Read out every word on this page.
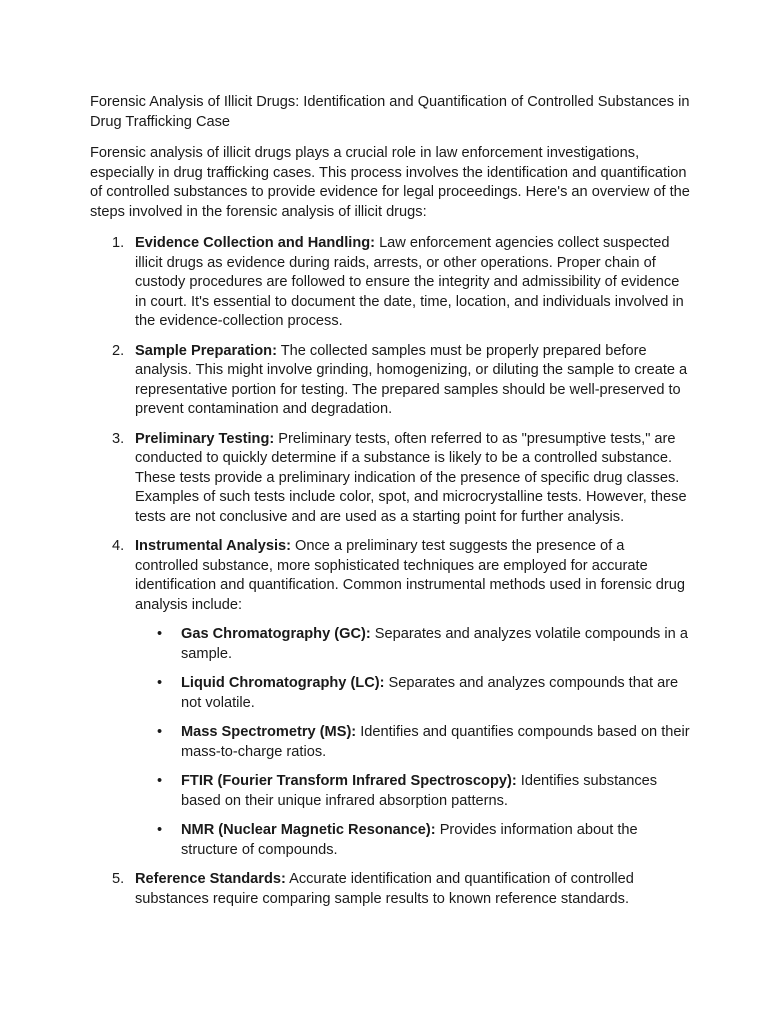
Forensic Analysis of Illicit Drugs: Identification and Quantification of Controlled Substances in Drug Trafficking Case

Forensic analysis of illicit drugs plays a crucial role in law enforcement investigations, especially in drug trafficking cases. This process involves the identification and quantification of controlled substances to provide evidence for legal proceedings. Here's an overview of the steps involved in the forensic analysis of illicit drugs:

1. Evidence Collection and Handling: Law enforcement agencies collect suspected illicit drugs as evidence during raids, arrests, or other operations. Proper chain of custody procedures are followed to ensure the integrity and admissibility of evidence in court. It's essential to document the date, time, location, and individuals involved in the evidence-collection process.
2. Sample Preparation: The collected samples must be properly prepared before analysis. This might involve grinding, homogenizing, or diluting the sample to create a representative portion for testing. The prepared samples should be well-preserved to prevent contamination and degradation.
3. Preliminary Testing: Preliminary tests, often referred to as "presumptive tests," are conducted to quickly determine if a substance is likely to be a controlled substance. These tests provide a preliminary indication of the presence of specific drug classes. Examples of such tests include color, spot, and microcrystalline tests. However, these tests are not conclusive and are used as a starting point for further analysis.
4. Instrumental Analysis: Once a preliminary test suggests the presence of a controlled substance, more sophisticated techniques are employed for accurate identification and quantification. Common instrumental methods used in forensic drug analysis include:
• Gas Chromatography (GC): Separates and analyzes volatile compounds in a sample.
• Liquid Chromatography (LC): Separates and analyzes compounds that are not volatile.
• Mass Spectrometry (MS): Identifies and quantifies compounds based on their mass-to-charge ratios.
• FTIR (Fourier Transform Infrared Spectroscopy): Identifies substances based on their unique infrared absorption patterns.
• NMR (Nuclear Magnetic Resonance): Provides information about the structure of compounds.
5. Reference Standards: Accurate identification and quantification of controlled substances require comparing sample results to known reference standards.
